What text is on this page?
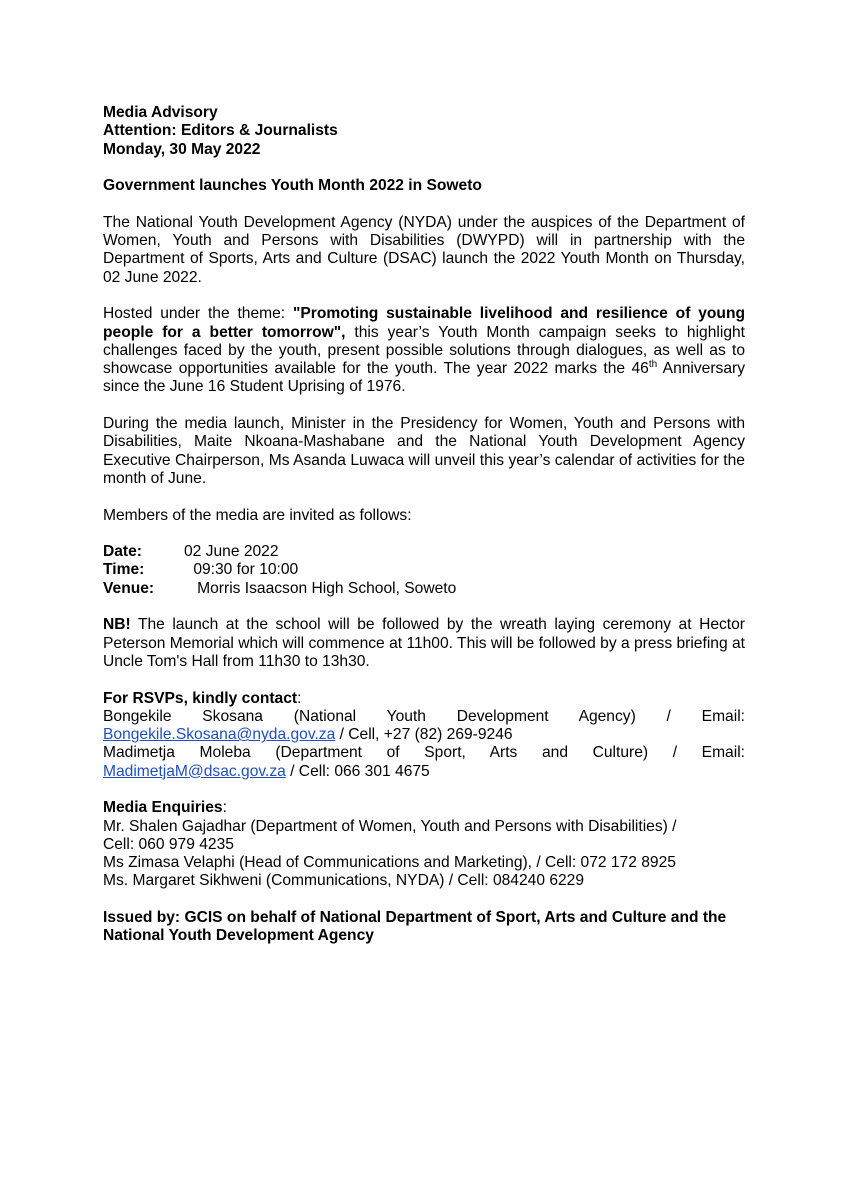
Media Advisory

Attention: Editors & Journalists

Monday, 30 May 2022

Government launches Youth Month 2022 in Soweto

The National Youth Development Agency (NYDA) under the auspices of the Department of Women, Youth and Persons with Disabilities (DWYPD) will in partnership with the Department of Sports, Arts and Culture (DSAC) launch the 2022 Youth Month on Thursday, 02 June 2022.

Hosted under the theme: "Promoting sustainable livelihood and resilience of young people for a better tomorrow", this year’s Youth Month campaign seeks to highlight challenges faced by the youth, present possible solutions through dialogues, as well as to showcase opportunities available for the youth. The year 2022 marks the 46th Anniversary since the June 16 Student Uprising of 1976.

During the media launch, Minister in the Presidency for Women, Youth and Persons with Disabilities, Maite Nkoana-Mashabane and the National Youth Development Agency Executive Chairperson, Ms Asanda Luwaca will unveil this year’s calendar of activities for the month of June.

Members of the media are invited as follows:

Date:	02 June 2022
Time:	09:30 for 10:00
Venue:	Morris Isaacson High School, Soweto

NB! The launch at the school will be followed by the wreath laying ceremony at Hector Peterson Memorial which will commence at 11h00. This will be followed by a press briefing at Uncle Tom's Hall from 11h30 to 13h30.

For RSVPs, kindly contact:

Bongekile Skosana (National Youth Development Agency) / Email:

Bongekile.Skosana@nyda.gov.za / Cell, +27 (82) 269-9246

Madimetja Moleba (Department of Sport, Arts and Culture) / Email:

MadimetjaM@dsac.gov.za / Cell: 066 301 4675

Media Enquiries:

Mr. Shalen Gajadhar (Department of Women, Youth and Persons with Disabilities) /

Cell: 060 979 4235

Ms Zimasa Velaphi (Head of Communications and Marketing), / Cell: 072 172 8925

Ms. Margaret Sikhweni (Communications, NYDA) / Cell: 084240 6229

Issued by: GCIS on behalf of National Department of Sport, Arts and Culture and the National Youth Development Agency
